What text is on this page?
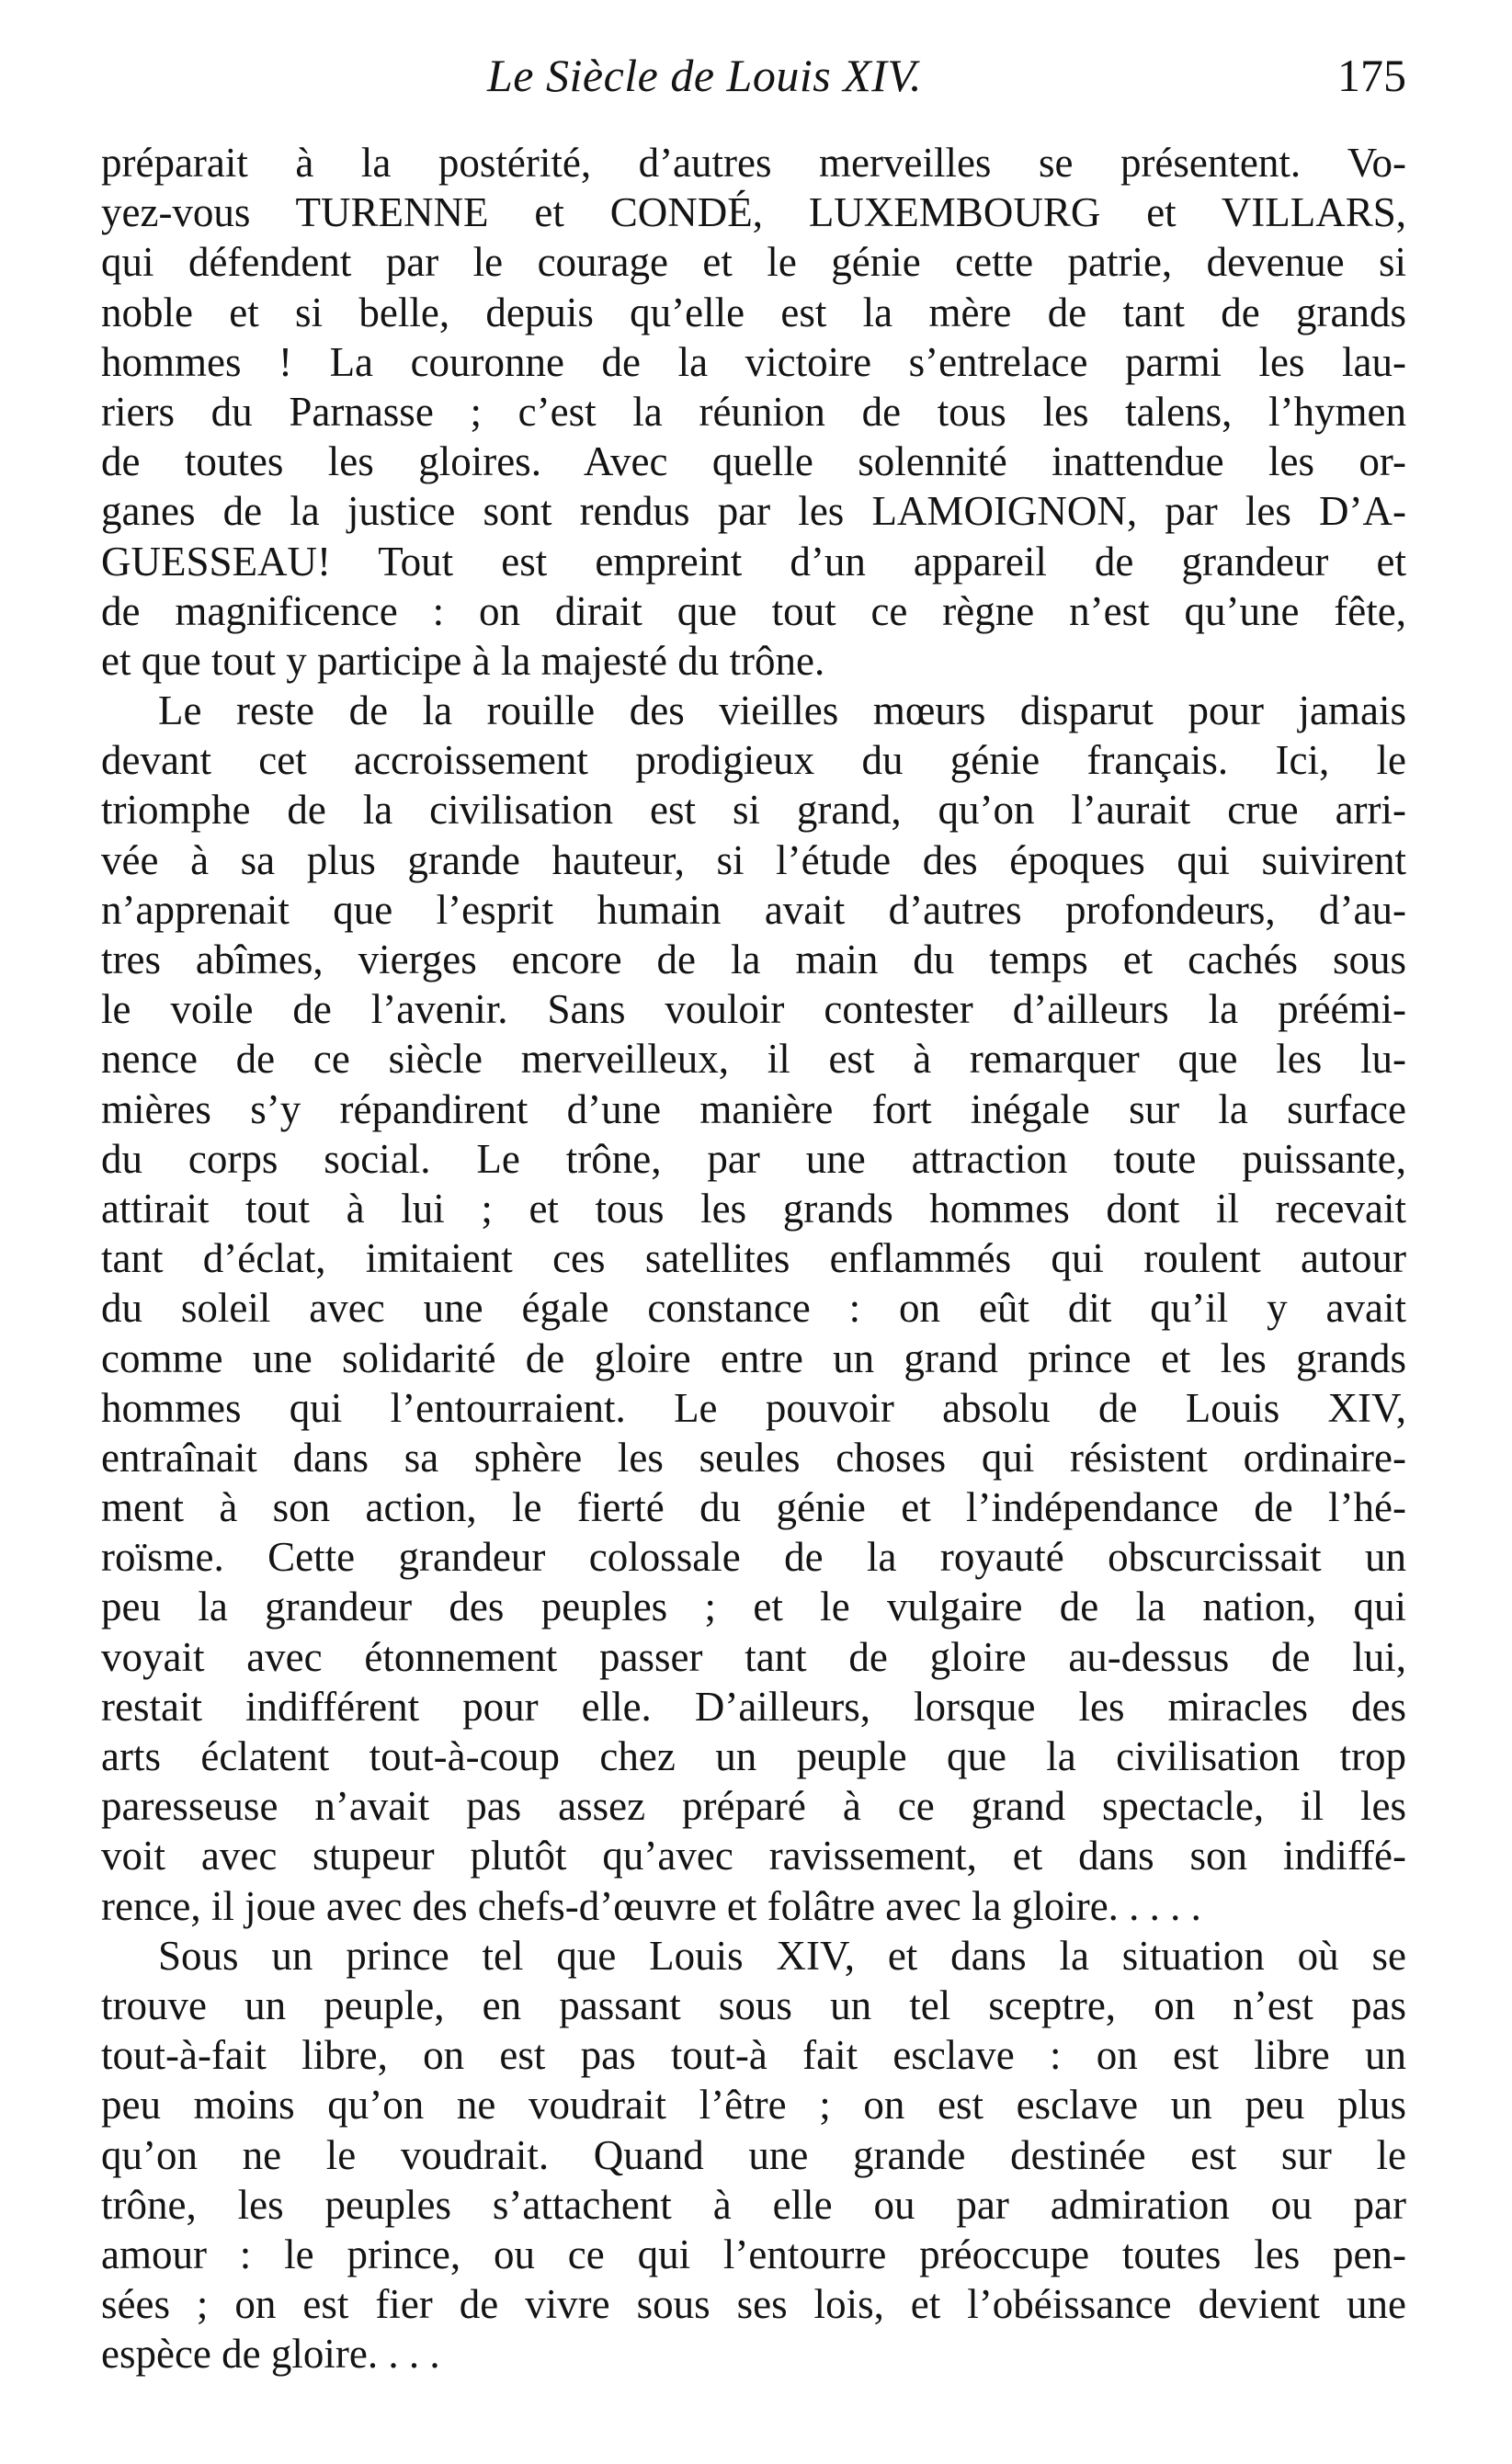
Le Siècle de Louis XIV.	175
préparait à la postérité, d’autres merveilles se présentent. Vo-
yez-vous TURENNE et CONDÉ, LUXEMBOURG et VILLARS,
qui défendent par le courage et le génie cette patrie, devenue si
noble et si belle, depuis qu’elle est la mère de tant de grands
hommes ! La couronne de la victoire s’entrelace parmi les lau-
riers du Parnasse ; c’est la réunion de tous les talens, l’hymen
de toutes les gloires. Avec quelle solennité inattendue les or-
ganes de la justice sont rendus par les LAMOIGNON, par les D’A-
GUESSEAU! Tout est empreint d’un appareil de grandeur et
de magnificence : on dirait que tout ce règne n’est qu’une fête,
et que tout y participe à la majesté du trône.
Le reste de la rouille des vieilles mœurs disparut pour jamais
devant cet accroissement prodigieux du génie français. Ici, le
triomphe de la civilisation est si grand, qu’on l’aurait crue arri-
vée à sa plus grande hauteur, si l’étude des époques qui suivirent
n’apprenait que l’esprit humain avait d’autres profondeurs, d’au-
tres abîmes, vierges encore de la main du temps et cachés sous
le voile de l’avenir. Sans vouloir contester d’ailleurs la préémi-
nence de ce siècle merveilleux, il est à remarquer que les lu-
mières s’y répandirent d’une manière fort inégale sur la surface
du corps social. Le trône, par une attraction toute puissante,
attirait tout à lui ; et tous les grands hommes dont il recevait
tant d’éclat, imitaient ces satellites enflammés qui roulent autour
du soleil avec une égale constance : on eût dit qu’il y avait
comme une solidarité de gloire entre un grand prince et les grands
hommes qui l’entourraient. Le pouvoir absolu de Louis XIV,
entraînait dans sa sphère les seules choses qui résistent ordinaire-
ment à son action, le fierté du génie et l’indépendance de l’hé-
roïsme. Cette grandeur colossale de la royauté obscurcissait un
peu la grandeur des peuples ; et le vulgaire de la nation, qui
voyait avec étonnement passer tant de gloire au-dessus de lui,
restait indifférent pour elle. D’ailleurs, lorsque les miracles des
arts éclatent tout-à-coup chez un peuple que la civilisation trop
paresseuse n’avait pas assez préparé à ce grand spectacle, il les
voit avec stupeur plutôt qu’avec ravissement, et dans son indiffé-
rence, il joue avec des chefs-d’œuvre et folâtre avec la gloire. . . . .
Sous un prince tel que Louis XIV, et dans la situation où se
trouve un peuple, en passant sous un tel sceptre, on n’est pas
tout-à-fait libre, on est pas tout-à fait esclave : on est libre un
peu moins qu’on ne voudrait l’être ; on est esclave un peu plus
qu’on ne le voudrait. Quand une grande destinée est sur le
trône, les peuples s’attachent à elle ou par admiration ou par
amour : le prince, ou ce qui l’entourre préoccupe toutes les pen-
sées ; on est fier de vivre sous ses lois, et l’obéissance devient une
espèce de gloire. . . .
